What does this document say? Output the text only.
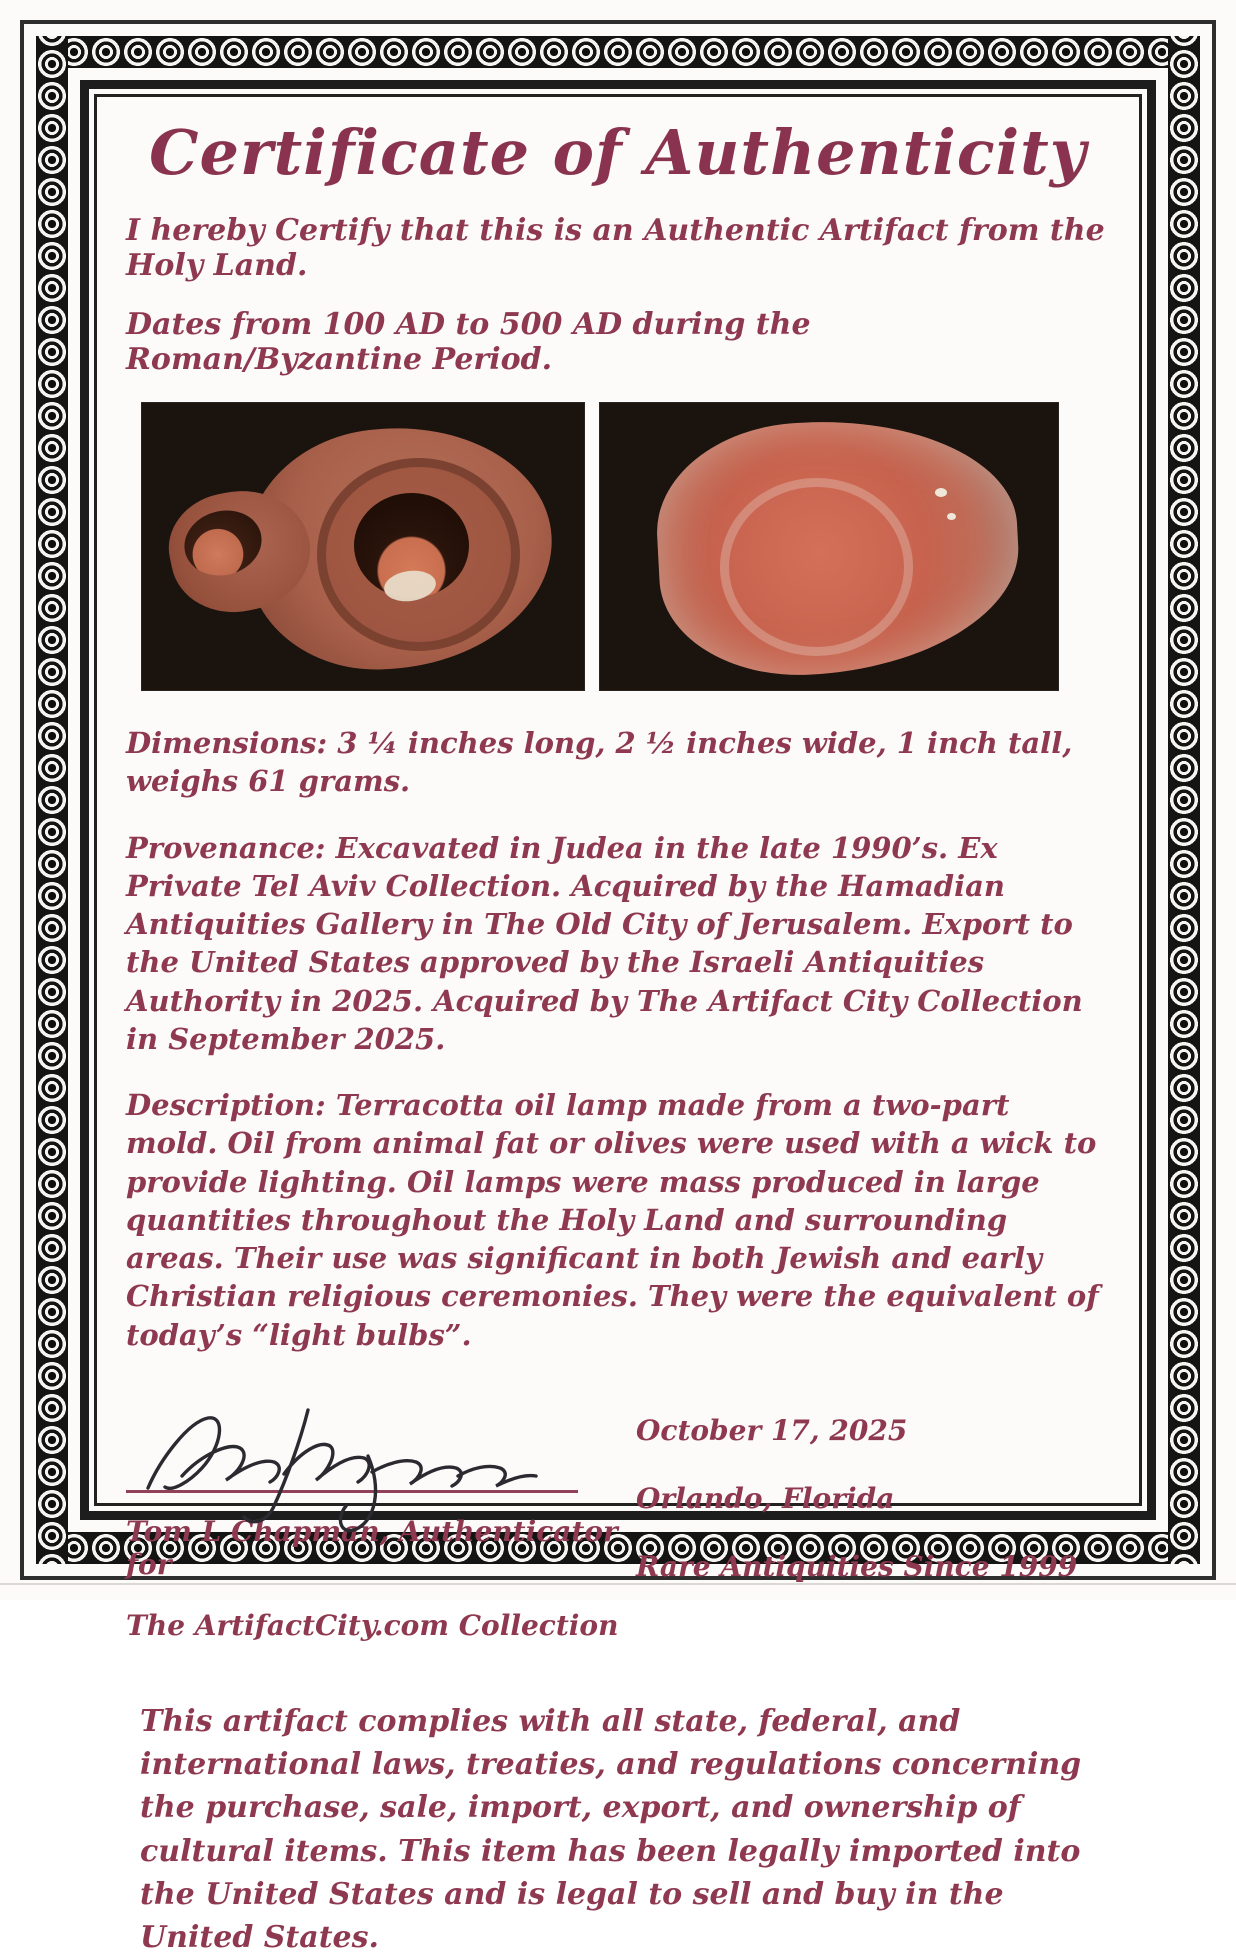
Certificate of Authenticity

I hereby Certify that this is an Authentic Artifact from the Holy Land.

Dates from 100 AD to 500 AD during the Roman/Byzantine Period.

Dimensions: 3 ¼ inches long, 2 ½ inches wide, 1 inch tall, weighs 61 grams.

Provenance: Excavated in Judea in the late 1990’s. Ex Private Tel Aviv Collection. Acquired by the Hamadian Antiquities Gallery in The Old City of Jerusalem. Export to the United States approved by the Israeli Antiquities Authority in 2025. Acquired by The Artifact City Collection in September 2025.

Description: Terracotta oil lamp made from a two-part mold. Oil from animal fat or olives were used with a wick to provide lighting. Oil lamps were mass produced in large quantities throughout the Holy Land and surrounding areas. Their use was significant in both Jewish and early Christian religious ceremonies. They were the equivalent of today’s “light bulbs”.

Tom L Chapman, Authenticator for
The ArtifactCity.com Collection
October 17, 2025
Orlando, Florida
Rare Antiquities Since 1999

This artifact complies with all state, federal, and international laws, treaties, and regulations concerning the purchase, sale, import, export, and ownership of cultural items. This item has been legally imported into the United States and is legal to sell and buy in the United States.
